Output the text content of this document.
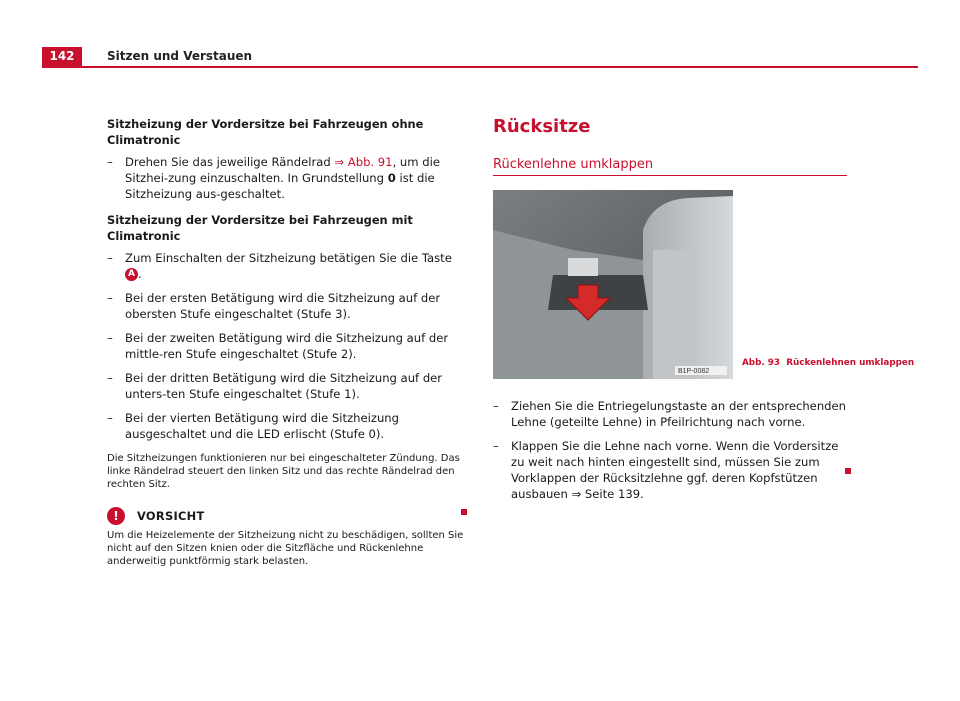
142	Sitzen und Verstauen
Sitzheizung der Vordersitze bei Fahrzeugen ohne Climatronic
– Drehen Sie das jeweilige Rändelrad ⇒ Abb. 91, um die Sitzhei-zung einzuschalten. In Grundstellung 0 ist die Sitzheizung aus-geschaltet.
Sitzheizung der Vordersitze bei Fahrzeugen mit Climatronic
– Zum Einschalten der Sitzheizung betätigen Sie die Taste A .
– Bei der ersten Betätigung wird die Sitzheizung auf der obersten Stufe eingeschaltet (Stufe 3).
– Bei der zweiten Betätigung wird die Sitzheizung auf der mittle-ren Stufe eingeschaltet (Stufe 2).
– Bei der dritten Betätigung wird die Sitzheizung auf der unters-ten Stufe eingeschaltet (Stufe 1).
– Bei der vierten Betätigung wird die Sitzheizung ausgeschaltet und die LED erlischt (Stufe 0).
Die Sitzheizungen funktionieren nur bei eingeschalteter Zündung. Das linke Rändelrad steuert den linken Sitz und das rechte Rändelrad den rechten Sitz.
!	VORSICHT
Um die Heizelemente der Sitzheizung nicht zu beschädigen, sollten Sie nicht auf den Sitzen knien oder die Sitzfläche und Rückenlehne anderweitig punktförmig stark belasten.
Rücksitze
Rückenlehne umklappen
B1P-0082
Abb. 93 Rückenlehnen umklappen
– Ziehen Sie die Entriegelungstaste an der entsprechenden Lehne (geteilte Lehne) in Pfeilrichtung nach vorne.
– Klappen Sie die Lehne nach vorne. Wenn die Vordersitze zu weit nach hinten eingestellt sind, müssen Sie zum Vorklappen der Rücksitzlehne ggf. deren Kopfstützen ausbauen ⇒ Seite 139.
